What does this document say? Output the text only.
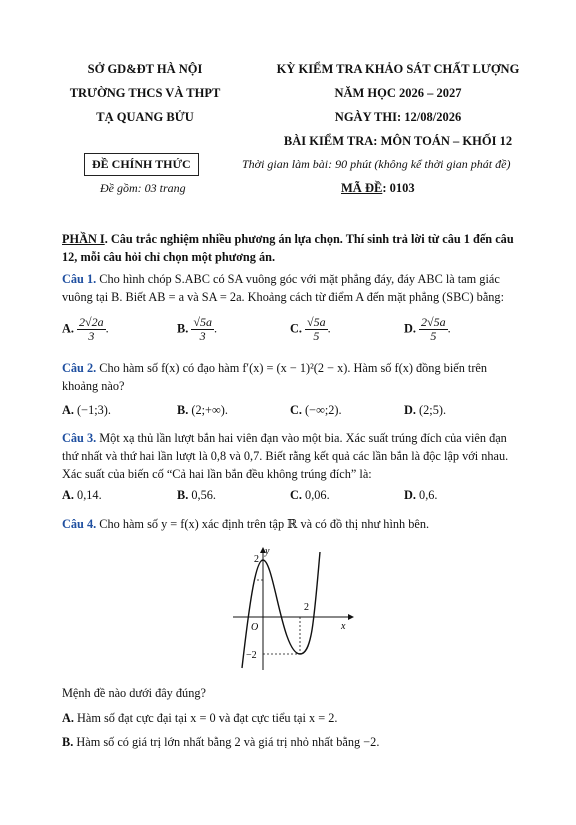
SỞ GD&ĐT HÀ NỘI
TRƯỜNG THCS VÀ THPT
TẠ QUANG BỬU
KỲ KIỂM TRA KHẢO SÁT CHẤT LƯỢNG
NĂM HỌC 2026 – 2027
NGÀY THI: 12/08/2026
BÀI KIỂM TRA: MÔN TOÁN – KHỐI 12
ĐỀ CHÍNH THỨC
Đề gồm: 03 trang
Thời gian làm bài: 90 phút (không kể thời gian phát đề)
MÃ ĐỀ: 0103
PHẦN I. Câu trắc nghiệm nhiều phương án lựa chọn. Thí sinh trả lời từ câu 1 đến câu
12, mỗi câu hỏi chỉ chọn một phương án.
Câu 1. Cho hình chóp S.ABC có SA vuông góc với mặt phẳng đáy, đáy ABC là tam giác
vuông tại B. Biết AB = a và SA = 2a. Khoảng cách từ điểm A đến mặt phẳng (SBC) bằng:
A. $\frac{2√2a}{3}$ .	B. $\frac{√5a}{3}$ .	C. $\frac{√5a}{5}$ .	D. $\frac{2√5a}{5}$ .
Câu 2. Cho hàm số f(x) có đạo hàm f′(x) = (x − 1)²(2 − x). Hàm số f(x) đồng biến trên
khoảng nào?
A. (−1;3).	B. (2;+∞).	C. (−∞;2).	D. (2;5).
Câu 3. Một xạ thủ lần lượt bắn hai viên đạn vào một bia. Xác suất trúng đích của viên đạn
thứ nhất và thứ hai lần lượt là 0,8 và 0,7. Biết rằng kết quả các lần bắn là độc lập với nhau.
Xác suất của biến cố “Cả hai lần bắn đều không trúng đích” là:
A. 0,14.	B. 0,56.	C. 0,06.	D. 0,6.
Câu 4. Cho hàm số y = f(x) xác định trên tập ℝ và có đồ thị như hình bên.
y
2
x
O
2
−2
Mệnh đề nào dưới đây đúng?
A. Hàm số đạt cực đại tại x = 0 và đạt cực tiểu tại x = 2.
B. Hàm số có giá trị lớn nhất bằng 2 và giá trị nhỏ nhất bằng −2.
